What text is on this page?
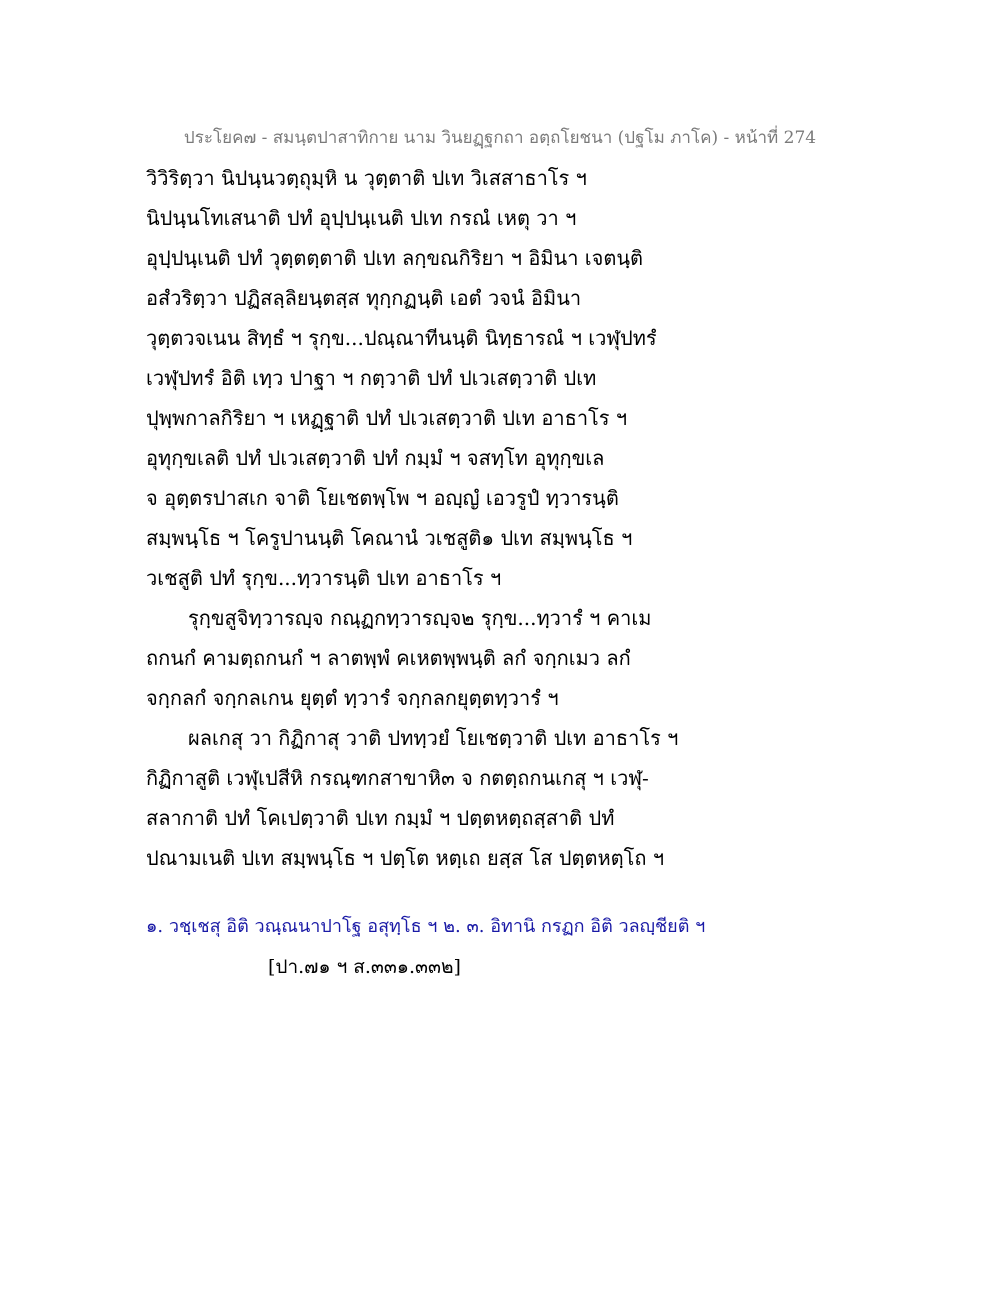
ประโยค๗ - สมนฺตปาสาทิกาย นาม วินยฏฺฐกถา อตฺถโยชนา (ปฐโม ภาโค) - หน้าที่ 274
วิวิริตฺวา นิปนฺนวตฺถุมฺหิ น วุตฺตาติ ปเท วิเสสาธาโร ฯ
นิปนฺนโทเสนาติ ปทํ อุปฺปนฺเนติ ปเท กรณํ เหตุ วา ฯ
อุปฺปนฺเนติ ปทํ วุตฺตตฺตาติ ปเท ลกฺขณกิริยา ฯ อิมินา เจตนฺติ
อสํวริตฺวา ปฏิสลฺลิยนฺตสฺส ทุกฺกฏนฺติ เอตํ วจนํ อิมินา
วุตฺตวจเนน สิทฺธํ ฯ รุกฺข...ปณฺณาทีนนฺติ นิทฺธารณํ ฯ เวฬุปทรํ
เวฬุปทรํ อิติ เทฺว ปาฐา ฯ กตฺวาติ ปทํ ปเวเสตฺวาติ ปเท
ปุพฺพกาลกิริยา ฯ เหฏฺฐาติ ปทํ ปเวเสตฺวาติ ปเท อาธาโร ฯ
อุทุกฺขเลติ ปทํ ปเวเสตฺวาติ ปทํ กมฺมํ ฯ จสทฺโท อุทุกฺขเล
จ อุตฺตรปาสเก จาติ โยเชตพฺโพ ฯ อญฺญํ เอวรูปํ ทฺวารนฺติ
สมฺพนฺโธ ฯ โครูปานนฺติ โคณานํ วเชสูติ๑ ปเท สมฺพนฺโธ ฯ
วเชสูติ ปทํ รุกฺข...ทฺวารนฺติ ปเท อาธาโร ฯ
รุกฺขสูจิทฺวารญฺจ กณฺฏกทฺวารญฺจ๒ รุกฺข...ทฺวารํ ฯ คาเม
ถกนกํ คามตฺถกนกํ ฯ ลาตพฺพํ คเหตพฺพนฺติ ลกํ จกฺกเมว ลกํ
จกฺกลกํ จกฺกลเกน ยุตฺตํ ทฺวารํ จกฺกลกยุตฺตทฺวารํ ฯ
ผลเกสุ วา กิฏิกาสุ วาติ ปททฺวยํ โยเชตฺวาติ ปเท อาธาโร ฯ
กิฏิกาสูติ เวฬุเปสีหิ กรณฺฑกสาขาหิ๓ จ กตตฺถกนเกสุ ฯ เวฬุ-
สลากาติ ปทํ โคเปตฺวาติ ปเท กมฺมํ ฯ ปตฺตหตฺถสฺสาติ ปทํ
ปณามเนติ ปเท สมฺพนฺโธ ฯ ปตฺโต หตฺเถ ยสฺส โส ปตฺตหตฺโถ ฯ
๑. วชฺเชสุ อิติ วณฺณนาปาโฐ อสุทฺโธ ฯ ๒. ๓. อิทานิ กรฏก อิติ วลญฺชียติ ฯ
[ปา.๗๑ ฯ ส.๓๓๑.๓๓๒]
